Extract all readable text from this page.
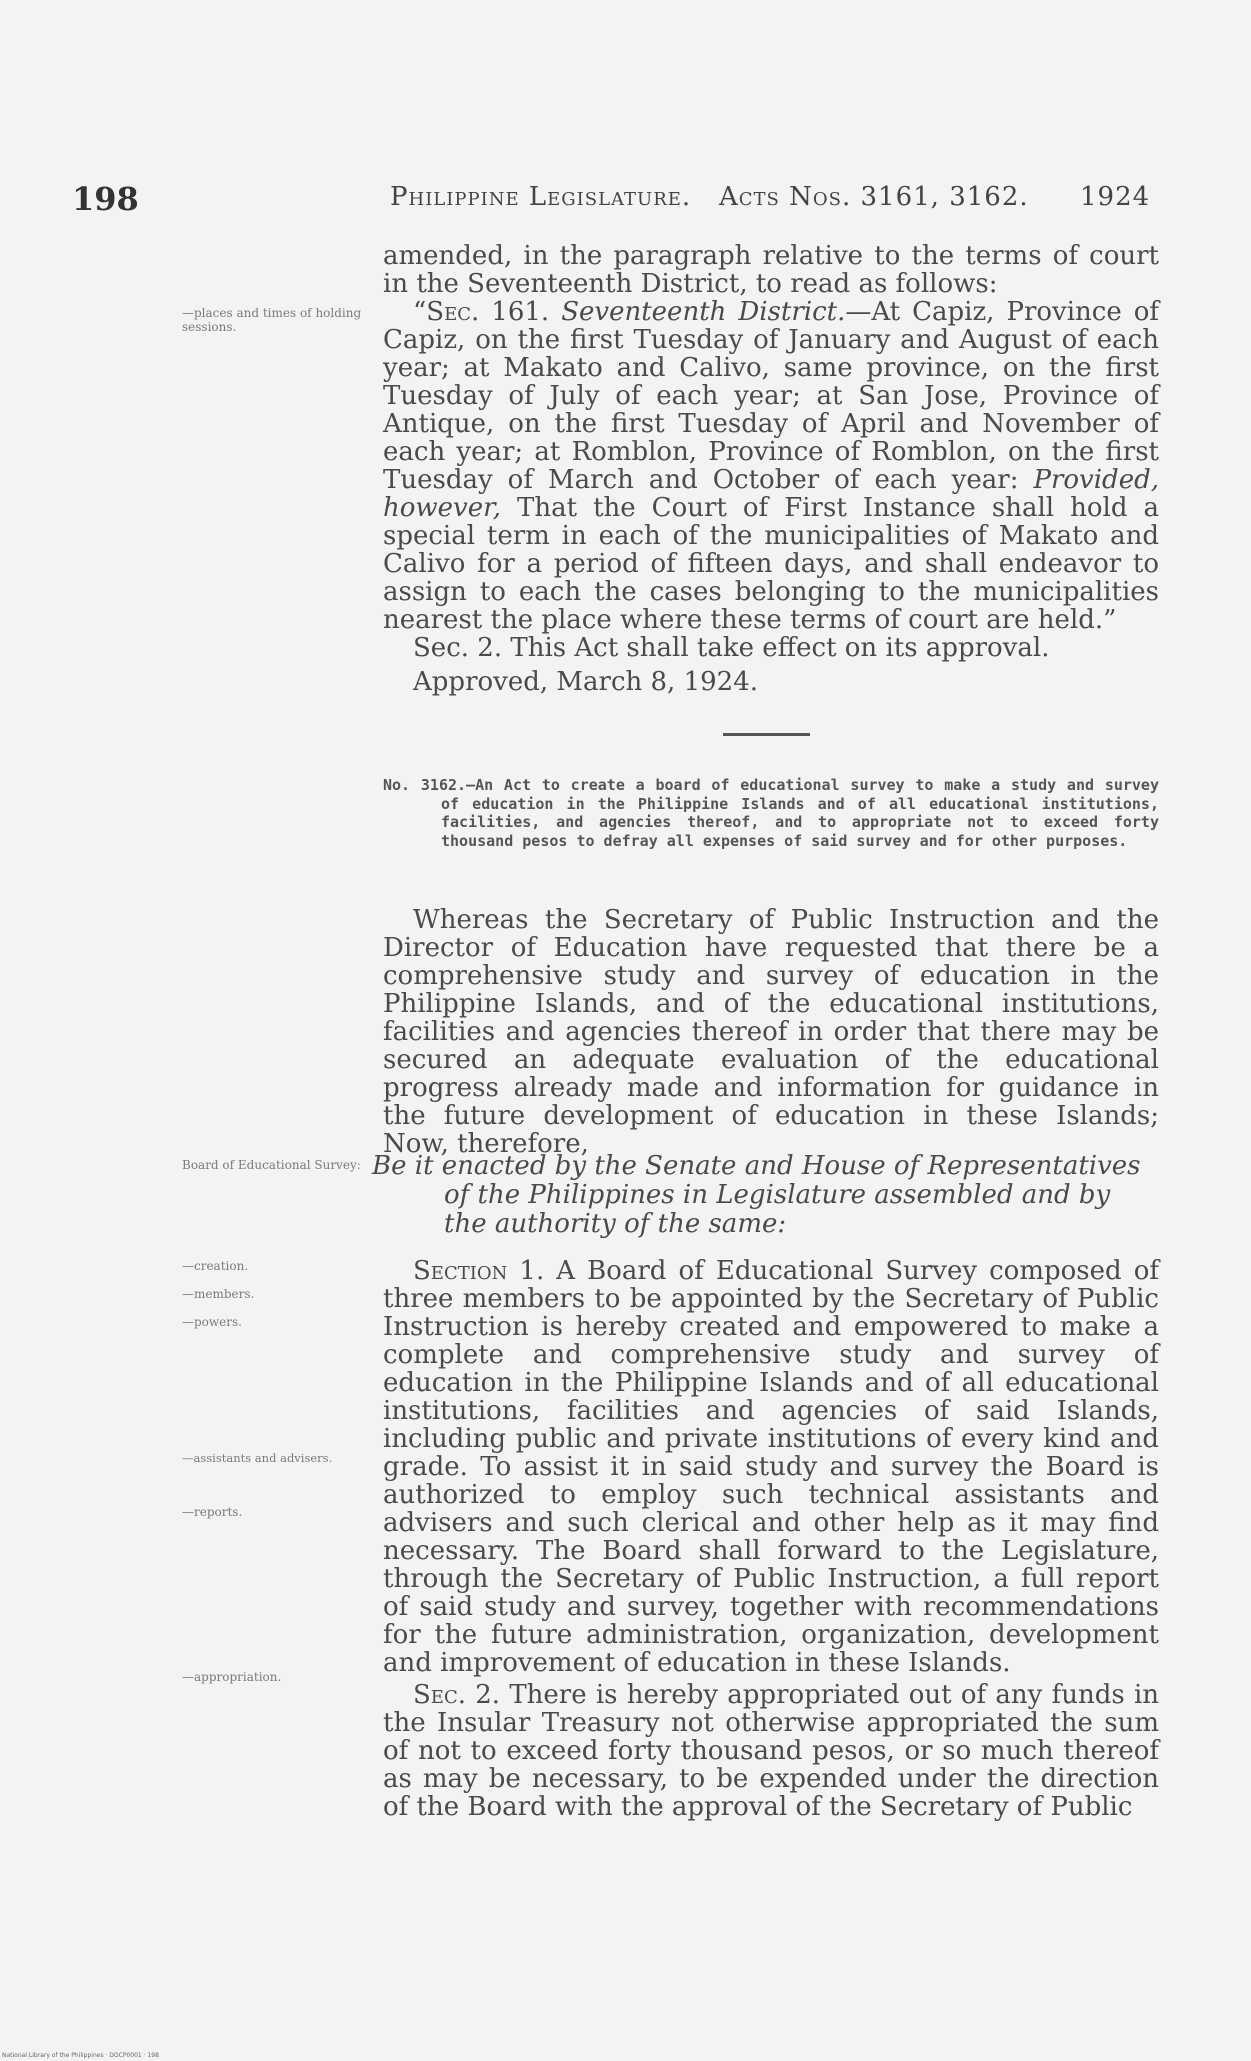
198	Philippine Legislature. Acts Nos. 3161, 3162. 1924
—places and times of holding sessions.
Board of Educational Survey:
—creation.
—members.
—powers.
—assistants and advisers.
—reports.
—appropriation.

amended, in the paragraph relative to the terms of court in the Seventeenth District, to read as follows:

“Sec. 161. Seventeenth District.—At Capiz, Province of Capiz, on the first Tuesday of January and August of each year; at Makato and Calivo, same province, on the first Tuesday of July of each year; at San Jose, Province of Antique, on the first Tuesday of April and November of each year; at Romblon, Province of Romblon, on the first Tuesday of March and October of each year: Provided, however, That the Court of First Instance shall hold a special term in each of the municipalities of Makato and Calivo for a period of fifteen days, and shall endeavor to assign to each the cases belonging to the municipalities nearest the place where these terms of court are held.”

Sec. 2. This Act shall take effect on its approval.

Approved, March 8, 1924.

No. 3162.—An Act to create a board of educational survey to make a study and survey of education in the Philippine Islands and of all educational institutions, facilities, and agencies thereof, and to appropriate not to exceed forty thousand pesos to defray all expenses of said survey and for other purposes.

Whereas the Secretary of Public Instruction and the Director of Education have requested that there be a comprehensive study and survey of education in the Philippine Islands, and of the educational institutions, facilities and agencies thereof in order that there may be secured an adequate evaluation of the educational progress already made and information for guidance in the future development of education in these Islands; Now, therefore,

Be it enacted by the Senate and House of Representatives
of the Philippines in Legislature assembled and by
the authority of the same:

Section 1. A Board of Educational Survey composed of three members to be appointed by the Secretary of Public Instruction is hereby created and empowered to make a complete and comprehensive study and survey of education in the Philippine Islands and of all educational institutions, facilities and agencies of said Islands, including public and private institutions of every kind and grade. To assist it in said study and survey the Board is authorized to employ such technical assistants and advisers and such clerical and other help as it may find necessary. The Board shall forward to the Legislature, through the Secretary of Public Instruction, a full report of said study and survey, together with recommendations for the future administration, organization, development and improvement of education in these Islands.

Sec. 2. There is hereby appropriated out of any funds in the Insular Treasury not otherwise appropriated the sum of not to exceed forty thousand pesos, or so much thereof as may be necessary, to be expended under the direction of the Board with the approval of the Secretary of Public

National Library of the Philippines · DOCP0001 · 198
